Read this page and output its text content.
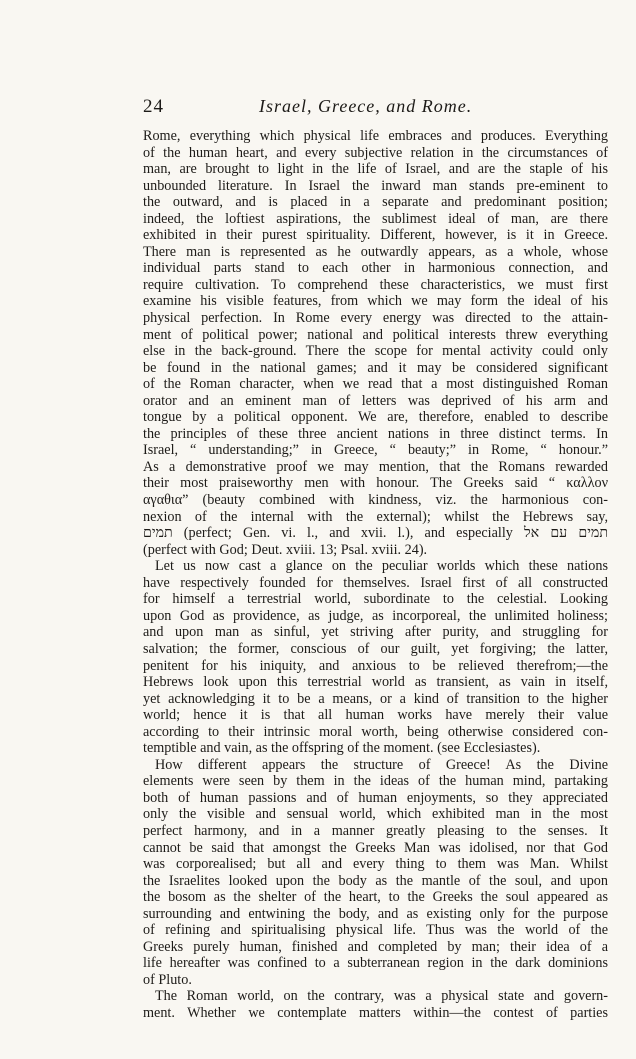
24	Israel, Greece, and Rome.
Rome, everything which physical life embraces and produces. Everything
of the human heart, and every subjective relation in the circumstances of
man, are brought to light in the life of Israel, and are the staple of his
unbounded literature. In Israel the inward man stands pre-eminent to
the outward, and is placed in a separate and predominant position;
indeed, the loftiest aspirations, the sublimest ideal of man, are there
exhibited in their purest spirituality. Different, however, is it in Greece.
There man is represented as he outwardly appears, as a whole, whose
individual parts stand to each other in harmonious connection, and
require cultivation. To comprehend these characteristics, we must first
examine his visible features, from which we may form the ideal of his
physical perfection. In Rome every energy was directed to the attain-
ment of political power; national and political interests threw everything
else in the back-ground. There the scope for mental activity could only
be found in the national games; and it may be considered significant
of the Roman character, when we read that a most distinguished Roman
orator and an eminent man of letters was deprived of his arm and
tongue by a political opponent. We are, therefore, enabled to describe
the principles of these three ancient nations in three distinct terms. In
Israel, “ understanding;” in Greece, “ beauty;” in Rome, “ honour.”
As a demonstrative proof we may mention, that the Romans rewarded
their most praiseworthy men with honour. The Greeks said “ καλλον
αγαθια” (beauty combined with kindness, viz. the harmonious con-
nexion of the internal with the external); whilst the Hebrews say,
תמים (perfect; Gen. vi. l., and xvii. l.), and especially תמים עם אל
(perfect with God; Deut. xviii. 13; Psal. xviii. 24).
Let us now cast a glance on the peculiar worlds which these nations
have respectively founded for themselves. Israel first of all constructed
for himself a terrestrial world, subordinate to the celestial. Looking
upon God as providence, as judge, as incorporeal, the unlimited holiness;
and upon man as sinful, yet striving after purity, and struggling for
salvation; the former, conscious of our guilt, yet forgiving; the latter,
penitent for his iniquity, and anxious to be relieved therefrom;—the
Hebrews look upon this terrestrial world as transient, as vain in itself,
yet acknowledging it to be a means, or a kind of transition to the higher
world; hence it is that all human works have merely their value
according to their intrinsic moral worth, being otherwise considered con-
temptible and vain, as the offspring of the moment. (see Ecclesiastes).
How different appears the structure of Greece! As the Divine
elements were seen by them in the ideas of the human mind, partaking
both of human passions and of human enjoyments, so they appreciated
only the visible and sensual world, which exhibited man in the most
perfect harmony, and in a manner greatly pleasing to the senses. It
cannot be said that amongst the Greeks Man was idolised, nor that God
was corporealised; but all and every thing to them was Man. Whilst
the Israelites looked upon the body as the mantle of the soul, and upon
the bosom as the shelter of the heart, to the Greeks the soul appeared as
surrounding and entwining the body, and as existing only for the purpose
of refining and spiritualising physical life. Thus was the world of the
Greeks purely human, finished and completed by man; their idea of a
life hereafter was confined to a subterranean region in the dark dominions
of Pluto.
The Roman world, on the contrary, was a physical state and govern-
ment. Whether we contemplate matters within—the contest of parties
